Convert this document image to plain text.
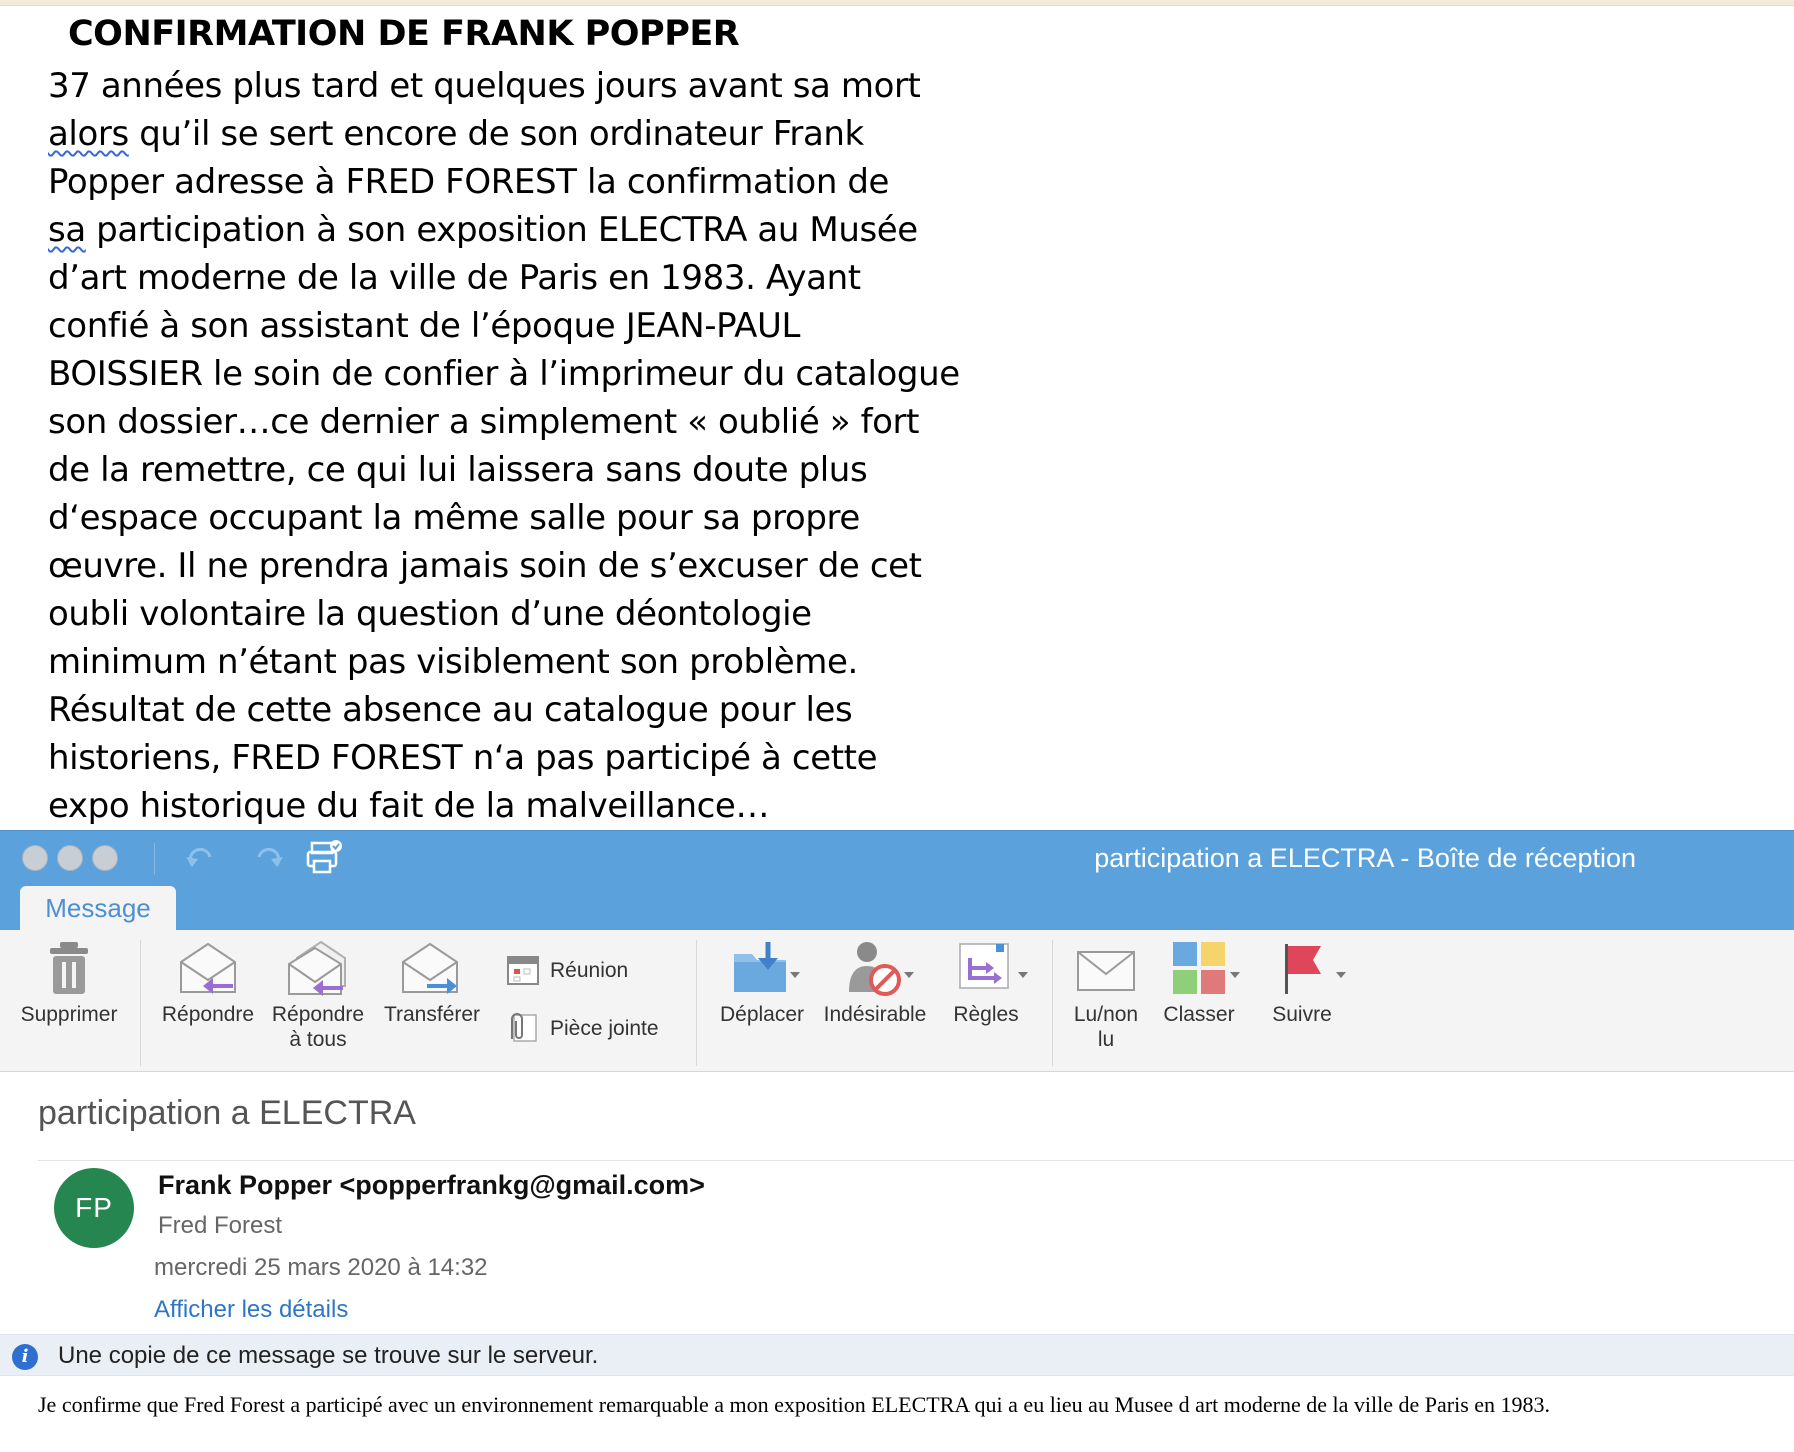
CONFIRMATION DE FRANK POPPER
37 années plus tard et quelques jours avant sa mort
alors qu’il se sert encore de son ordinateur Frank
Popper adresse à FRED FOREST la confirmation de
sa participation à son exposition ELECTRA au Musée
d’art moderne de la ville de Paris en 1983. Ayant
confié à son assistant de l’époque JEAN-PAUL
BOISSIER le soin de confier à l’imprimeur du catalogue
son dossier…ce dernier a simplement « oublié » fort
de la remettre, ce qui lui laissera sans doute plus
d‘espace occupant la même salle pour sa propre
œuvre. Il ne prendra jamais soin de s’excuser de cet
oubli volontaire la question d’une déontologie
minimum n’étant pas visiblement son problème.
Résultat de cette absence au catalogue pour les
historiens, FRED FOREST n‘a pas participé à cette
expo historique du fait de la malveillance…
participation a ELECTRA - Boîte de réception
Message
Supprimer	Répondre Répondre
à tous
Transférer
Réunion
Pièce jointe
Déplacer Indésirable	Règles	Lu/non
lu
Classer	Suivre
participation a ELECTRA
FP
Frank Popper <popperfrankg@gmail.com>
Fred Forest
mercredi 25 mars 2020 à 14:32
Afficher les détails
i	Une copie de ce message se trouve sur le serveur.
Je confirme que Fred Forest a participé avec un environnement remarquable a mon exposition ELECTRA qui a eu lieu au Musee d art moderne de la ville de Paris en 1983.
